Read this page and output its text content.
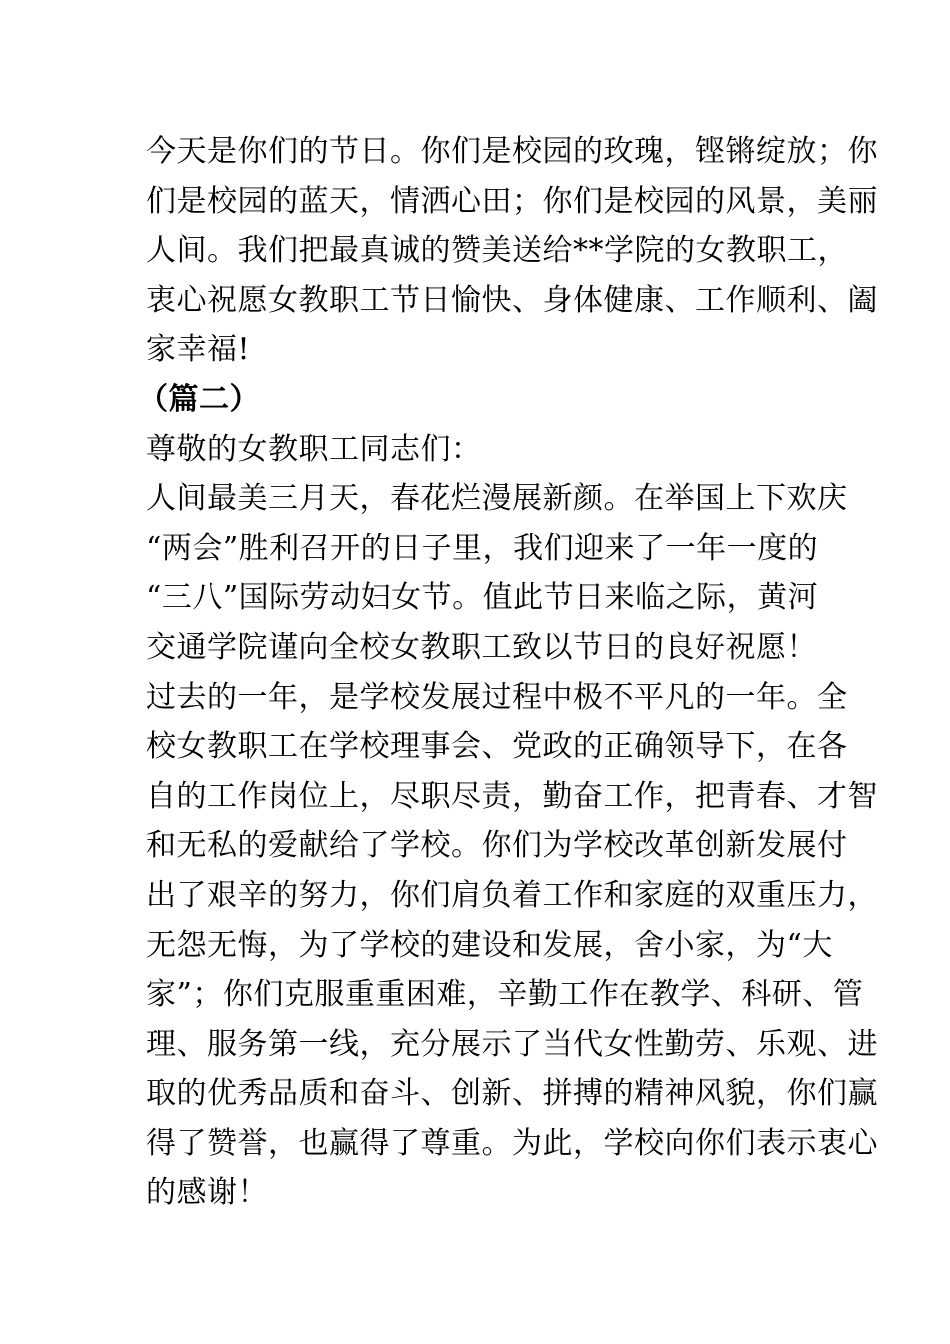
今天是你们的节日。你们是校园的玫瑰，铿锵绽放；你
们是校园的蓝天，情洒心田；你们是校园的风景，美丽
人间。我们把最真诚的赞美送给**学院的女教职工，
衷心祝愿女教职工节日愉快、身体健康、工作顺利、阖
家幸福!
（篇二）
尊敬的女教职工同志们：
人间最美三月天，春花烂漫展新颜。在举国上下欢庆
“两会”胜利召开的日子里，我们迎来了一年一度的
“三八”国际劳动妇女节。值此节日来临之际，黄河
交通学院谨向全校女教职工致以节日的良好祝愿！
过去的一年，是学校发展过程中极不平凡的一年。全
校女教职工在学校理事会、党政的正确领导下，在各
自的工作岗位上，尽职尽责，勤奋工作，把青春、才智
和无私的爱献给了学校。你们为学校改革创新发展付
出了艰辛的努力，你们肩负着工作和家庭的双重压力，
无怨无悔，为了学校的建设和发展，舍小家，为“大
家”；你们克服重重困难，辛勤工作在教学、科研、管
理、服务第一线，充分展示了当代女性勤劳、乐观、进
取的优秀品质和奋斗、创新、拼搏的精神风貌，你们赢
得了赞誉，也赢得了尊重。为此，学校向你们表示衷心
的感谢！
